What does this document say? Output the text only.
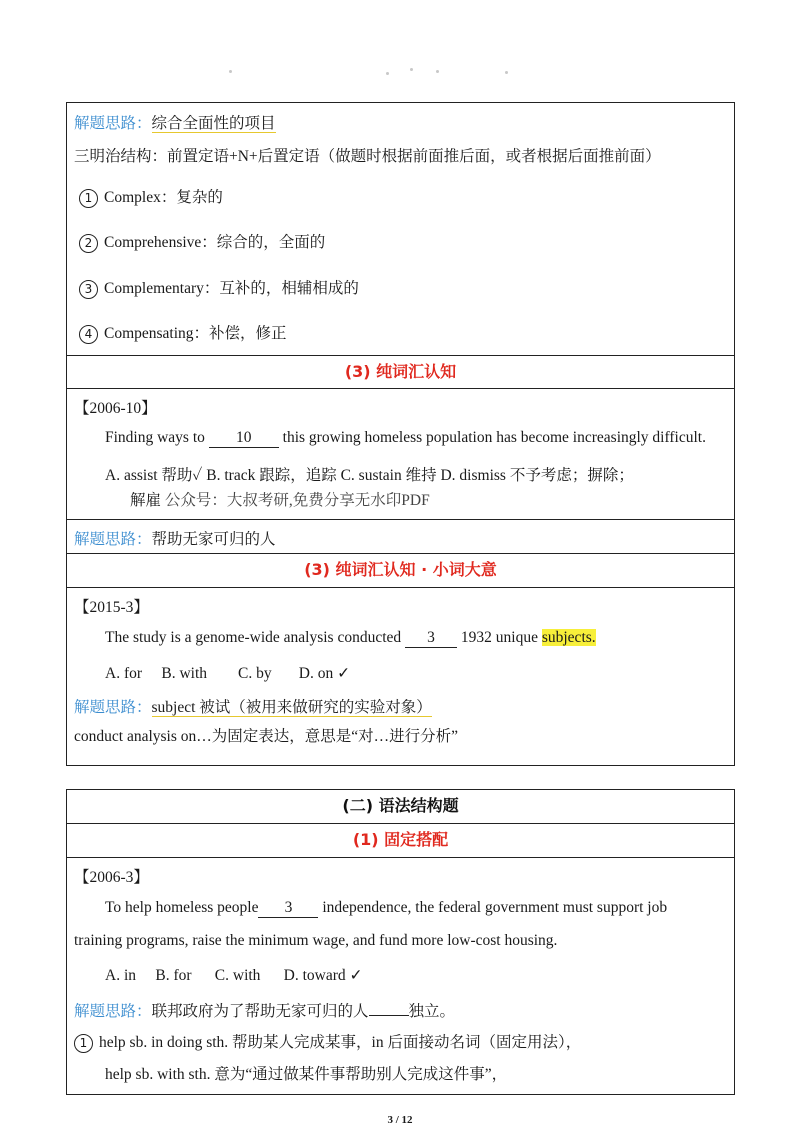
解题思路：综合全面性的项目
三明治结构：前置定语+N+后置定语（做题时根据前面推后面，或者根据后面推前面）
1 Complex：复杂的
2 Comprehensive：综合的，全面的
3 Complementary：互补的，相辅相成的
4 Compensating：补偿，修正
(3) 纯词汇认知
【2006-10】
Finding ways to 10 this growing homeless population has become increasingly difficult.
A. assist 帮助✓ B. track 跟踪，追踪 C. sustain 维持 D. dismiss 不予考虑；摒除；
解雇 公众号：大叔考研,免费分享无水印PDF
解题思路：帮助无家可归的人
(3) 纯词汇认知 · 小词大意
【2015-3】
The study is a genome-wide analysis conducted 3 1932 unique subjects.
A. for     B. with        C. by       D. on ✓
解题思路：subject 被试（被用来做研究的实验对象）
conduct analysis on…为固定表达，意思是“对…进行分析”
(二) 语法结构题
(1) 固定搭配
【2006-3】
To help homeless people 3 independence, the federal government must support job
training programs, raise the minimum wage, and fund more low-cost housing.
A. in     B. for      C. with      D. toward ✓
解题思路：联邦政府为了帮助无家可归的人	独立。
1 help sb. in doing sth. 帮助某人完成某事，in 后面接动名词（固定用法），
help sb. with sth. 意为“通过做某件事帮助别人完成这件事”，
3 / 12
